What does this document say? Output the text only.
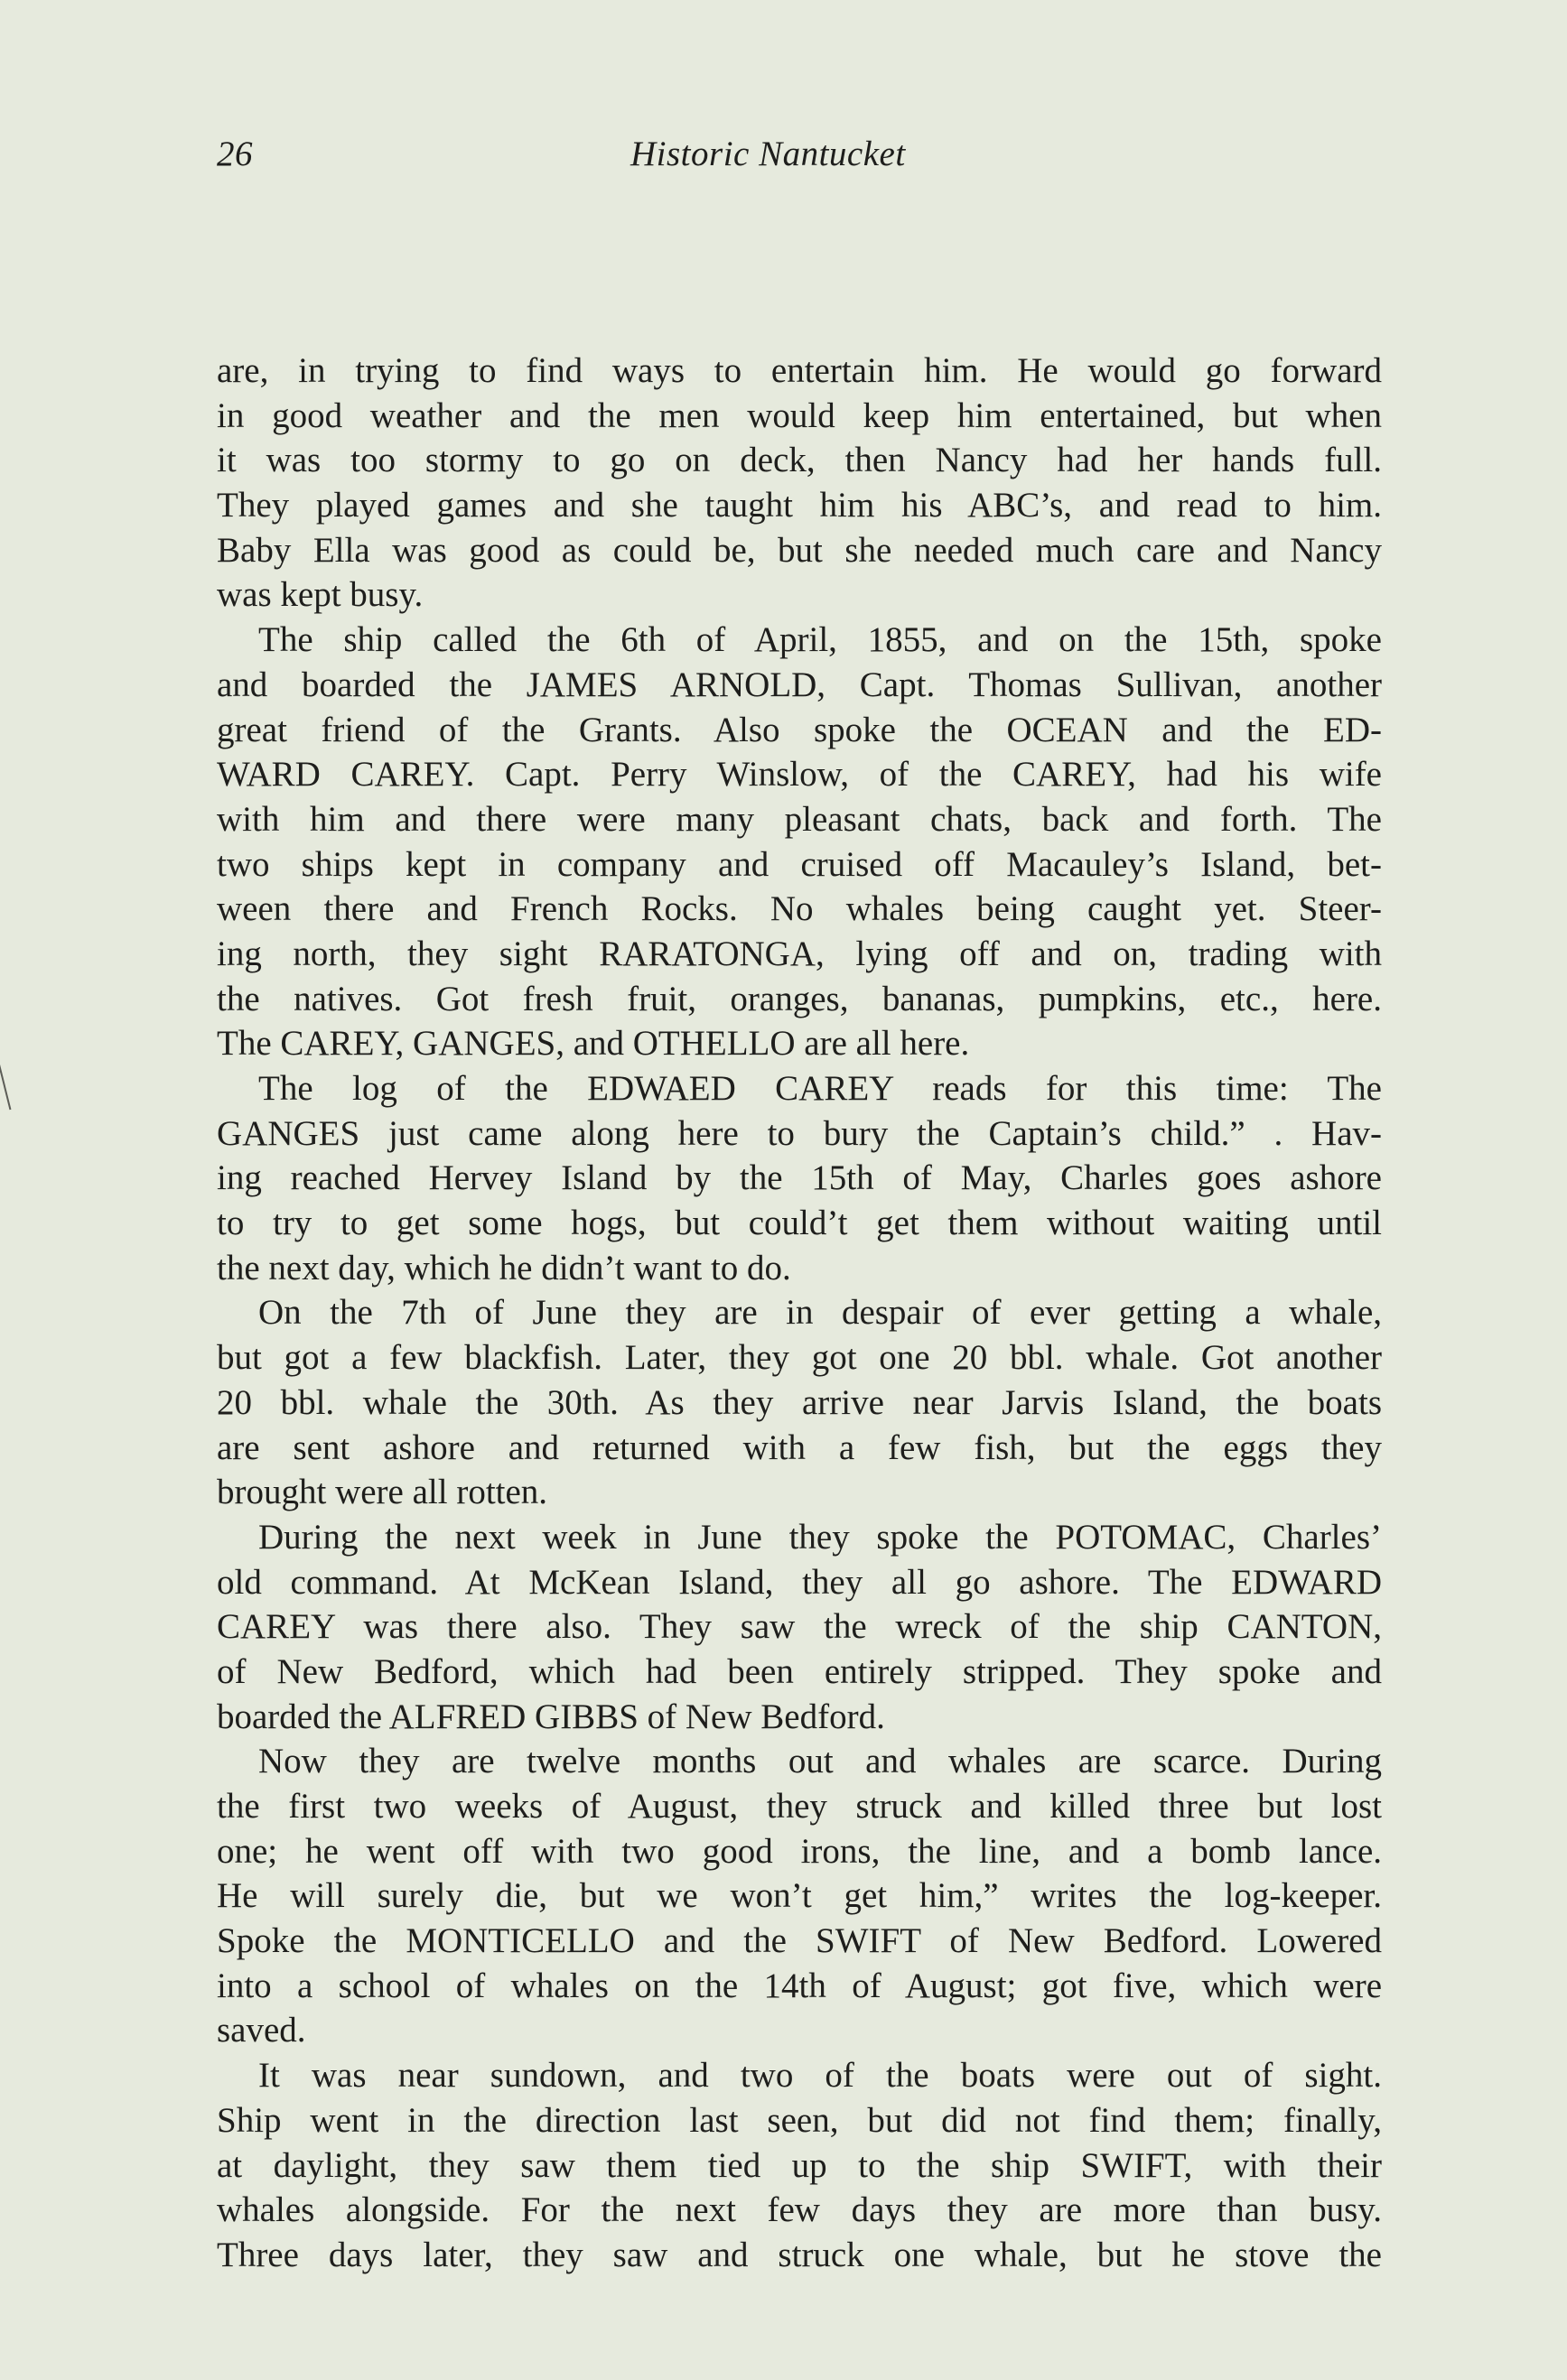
26	Historic Nantucket
are, in trying to find ways to entertain him. He would go forward
in good weather and the men would keep him entertained, but when
it was too stormy to go on deck, then Nancy had her hands full.
They played games and she taught him his ABC’s, and read to him.
Baby Ella was good as could be, but she needed much care and Nancy
was kept busy.
The ship called the 6th of April, 1855, and on the 15th, spoke
and boarded the JAMES ARNOLD, Capt. Thomas Sullivan, another
great friend of the Grants. Also spoke the OCEAN and the ED-
WARD CAREY. Capt. Perry Winslow, of the CAREY, had his wife
with him and there were many pleasant chats, back and forth. The
two ships kept in company and cruised off Macauley’s Island, bet-
ween there and French Rocks. No whales being caught yet. Steer-
ing north, they sight RARATONGA, lying off and on, trading with
the natives. Got fresh fruit, oranges, bananas, pumpkins, etc., here.
The CAREY, GANGES, and OTHELLO are all here.
The log of the EDWAED CAREY reads for this time: The
GANGES just came along here to bury the Captain’s child.” . Hav-
ing reached Hervey Island by the 15th of May, Charles goes ashore
to try to get some hogs, but could’t get them without waiting until
the next day, which he didn’t want to do.
On the 7th of June they are in despair of ever getting a whale,
but got a few blackfish. Later, they got one 20 bbl. whale. Got another
20 bbl. whale the 30th. As they arrive near Jarvis Island, the boats
are sent ashore and returned with a few fish, but the eggs they
brought were all rotten.
During the next week in June they spoke the POTOMAC, Charles’
old command. At McKean Island, they all go ashore. The EDWARD
CAREY was there also. They saw the wreck of the ship CANTON,
of New Bedford, which had been entirely stripped. They spoke and
boarded the ALFRED GIBBS of New Bedford.
Now they are twelve months out and whales are scarce. During
the first two weeks of August, they struck and killed three but lost
one; he went off with two good irons, the line, and a bomb lance.
He will surely die, but we won’t get him,” writes the log-keeper.
Spoke the MONTICELLO and the SWIFT of New Bedford. Lowered
into a school of whales on the 14th of August; got five, which were
saved.
It was near sundown, and two of the boats were out of sight.
Ship went in the direction last seen, but did not find them; finally,
at daylight, they saw them tied up to the ship SWIFT, with their
whales alongside. For the next few days they are more than busy.
Three days later, they saw and struck one whale, but he stove the
